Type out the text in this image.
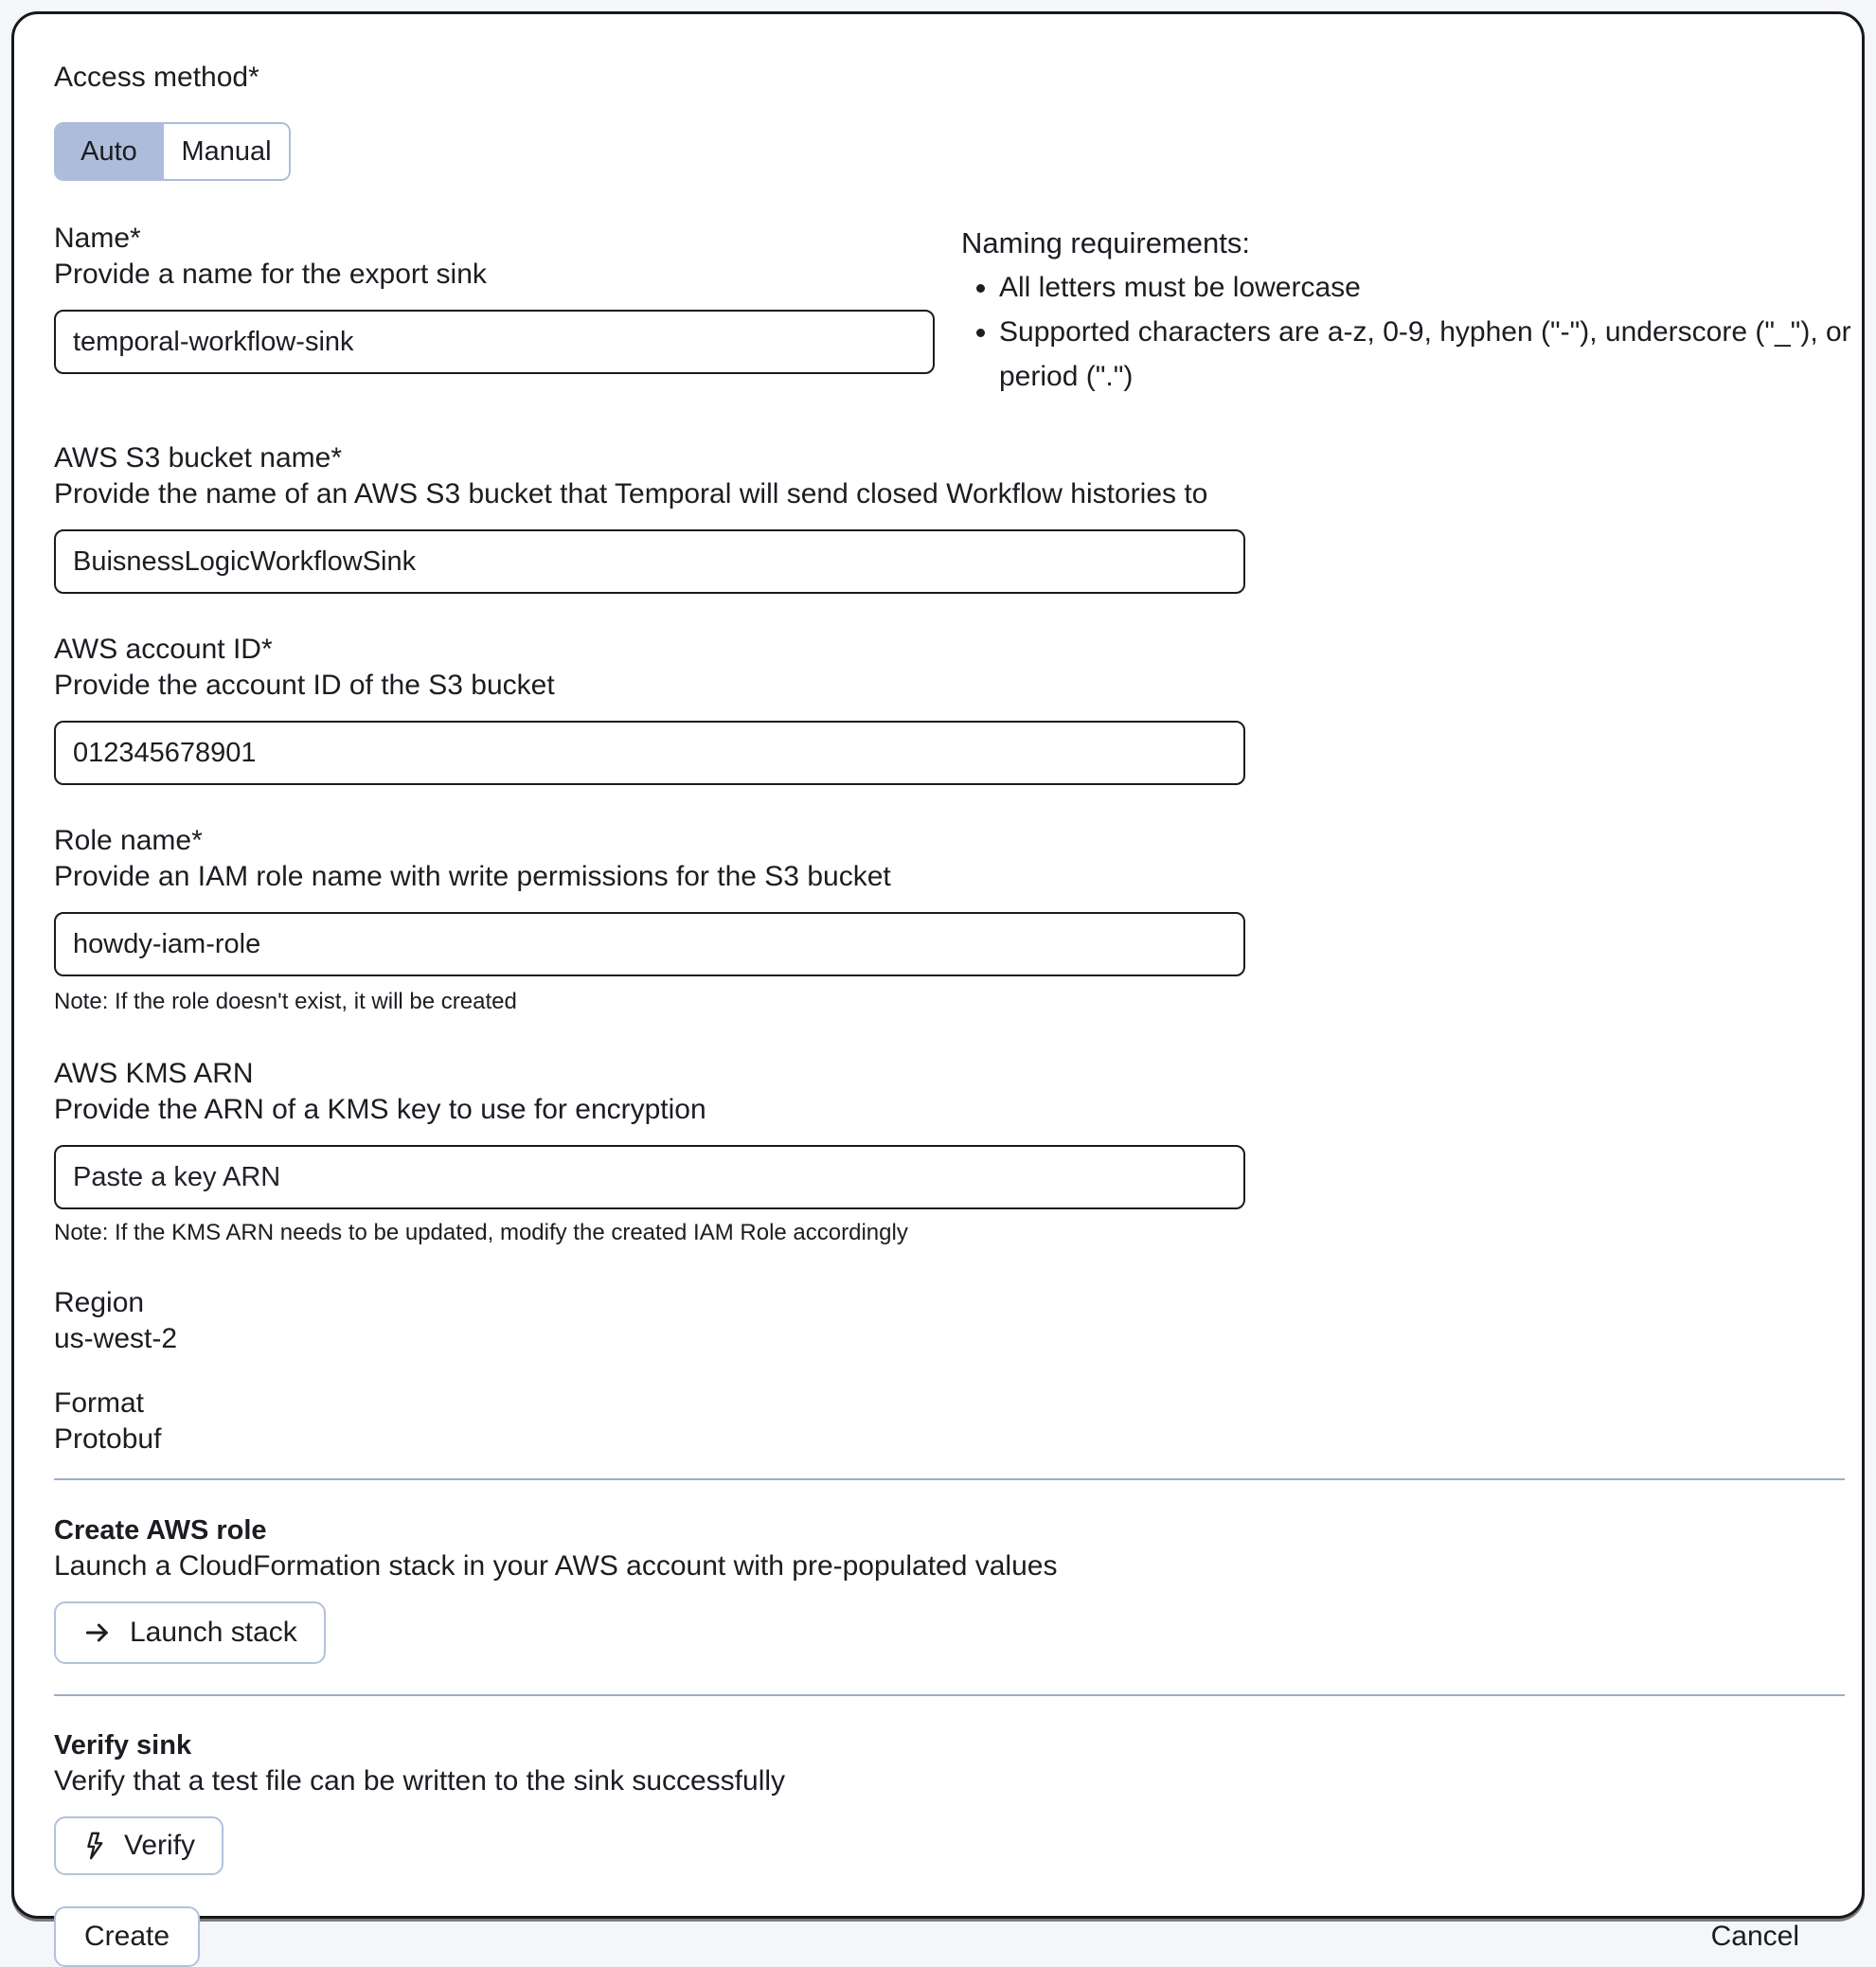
Access method*
Auto Manual
Name*
Provide a name for the export sink
temporal-workflow-sink
Naming requirements:
• All letters must be lowercase
• Supported characters are a-z, 0-9, hyphen ("-"), underscore ("_"), or period (".")
AWS S3 bucket name*
Provide the name of an AWS S3 bucket that Temporal will send closed Workflow histories to
BuisnessLogicWorkflowSink
AWS account ID*
Provide the account ID of the S3 bucket
012345678901
Role name*
Provide an IAM role name with write permissions for the S3 bucket
howdy-iam-role
Note: If the role doesn't exist, it will be created
AWS KMS ARN
Provide the ARN of a KMS key to use for encryption
Paste a key ARN
Note: If the KMS ARN needs to be updated, modify the created IAM Role accordingly
Region
us-west-2
Format
Protobuf
Create AWS role
Launch a CloudFormation stack in your AWS account with pre-populated values
Launch stack
Verify sink
Verify that a test file can be written to the sink successfully
Verify
Create	Cancel
